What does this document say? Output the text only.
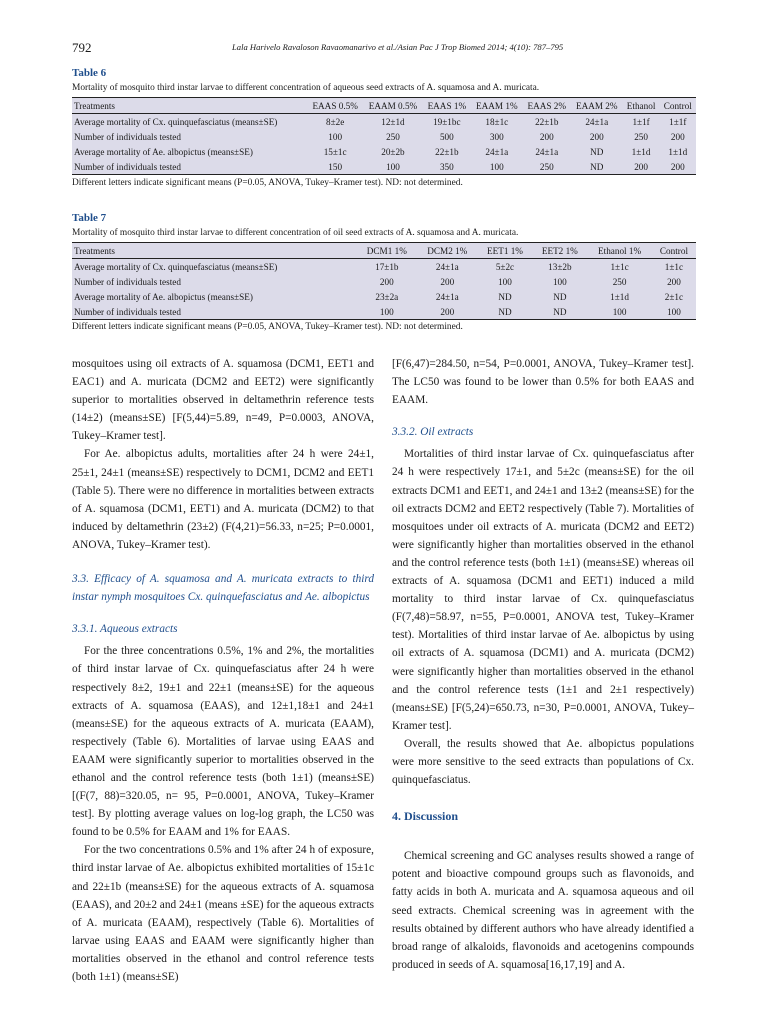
792	Lala Harivelo Ravaloson Ravaomanarivo et al./Asian Pac J Trop Biomed 2014; 4(10): 787–795
Table 6
Mortality of mosquito third instar larvae to different concentration of aqueous seed extracts of A. squamosa and A. muricata.
Treatments	EAAS 0.5%	EAAM 0.5%	EAAS 1%	EAAM 1%	EAAS 2%	EAAM 2%	Ethanol	Control
Average mortality of Cx. quinquefasciatus (means±SE)	8±2e	12±1d	19±1bc	18±1c	22±1b	24±1a	1±1f	1±1f
Number of individuals tested	100	250	500	300	200	200	250	200
Average mortality of Ae. albopictus (means±SE)	15±1c	20±2b	22±1b	24±1a	24±1a	ND	1±1d	1±1d
Number of individuals tested	150	100	350	100	250	ND	200	200
Different letters indicate significant means (P=0.05, ANOVA, Tukey–Kramer test). ND: not determined.
Table 7
Mortality of mosquito third instar larvae to different concentration of oil seed extracts of A. squamosa and A. muricata.
Treatments	DCM1 1%	DCM2 1%	EET1 1%	EET2 1%	Ethanol 1%	Control
Average mortality of Cx. quinquefasciatus (means±SE)	17±1b	24±1a	5±2c	13±2b	1±1c	1±1c
Number of individuals tested	200	200	100	100	250	200
Average mortality of Ae. albopictus (means±SE)	23±2a	24±1a	ND	ND	1±1d	2±1c
Number of individuals tested	100	200	ND	ND	100	100
Different letters indicate significant means (P=0.05, ANOVA, Tukey–Kramer test). ND: not determined.

mosquitoes using oil extracts of A. squamosa (DCM1, EET1 and EAC1) and A. muricata (DCM2 and EET2) were significantly superior to mortalities observed in deltamethrin reference tests (14±2) (means±SE) [F(5,44)=5.89, n=49, P=0.0003, ANOVA, Tukey–Kramer test].

For Ae. albopictus adults, mortalities after 24 h were 24±1, 25±1, 24±1 (means±SE) respectively to DCM1, DCM2 and EET1 (Table 5). There were no difference in mortalities between extracts of A. squamosa (DCM1, EET1) and A. muricata (DCM2) to that induced by deltamethrin (23±2) (F(4,21)=56.33, n=25; P=0.0001, ANOVA, Tukey–Kramer test).

3.3. Efficacy of A. squamosa and A. muricata extracts to third instar nymph mosquitoes Cx. quinquefasciatus and Ae. albopictus

3.3.1. Aqueous extracts

For the three concentrations 0.5%, 1% and 2%, the mortalities of third instar larvae of Cx. quinquefasciatus after 24 h were respectively 8±2, 19±1 and 22±1 (means±SE) for the aqueous extracts of A. squamosa (EAAS), and 12±1,18±1 and 24±1 (means±SE) for the aqueous extracts of A. muricata (EAAM), respectively (Table 6). Mortalities of larvae using EAAS and EAAM were significantly superior to mortalities observed in the ethanol and the control reference tests (both 1±1) (means±SE) [(F(7, 88)=320.05, n= 95, P=0.0001, ANOVA, Tukey–Kramer test]. By plotting average values on log-log graph, the LC50 was found to be 0.5% for EAAM and 1% for EAAS.

For the two concentrations 0.5% and 1% after 24 h of exposure, third instar larvae of Ae. albopictus exhibited mortalities of 15±1c and 22±1b (means±SE) for the aqueous extracts of A. squamosa (EAAS), and 20±2 and 24±1 (means ±SE) for the aqueous extracts of A. muricata (EAAM), respectively (Table 6). Mortalities of larvae using EAAS and EAAM were significantly higher than mortalities observed in the ethanol and control reference tests (both 1±1) (means±SE)

[F(6,47)=284.50, n=54, P=0.0001, ANOVA, Tukey–Kramer test]. The LC50 was found to be lower than 0.5% for both EAAS and EAAM.

3.3.2. Oil extracts

Mortalities of third instar larvae of Cx. quinquefasciatus after 24 h were respectively 17±1, and 5±2c (means±SE) for the oil extracts DCM1 and EET1, and 24±1 and 13±2 (means±SE) for the oil extracts DCM2 and EET2 respectively (Table 7). Mortalities of mosquitoes under oil extracts of A. muricata (DCM2 and EET2) were significantly higher than mortalities observed in the ethanol and the control reference tests (both 1±1) (means±SE) whereas oil extracts of A. squamosa (DCM1 and EET1) induced a mild mortality to third instar larvae of Cx. quinquefasciatus (F(7,48)=58.97, n=55, P=0.0001, ANOVA test, Tukey–Kramer test). Mortalities of third instar larvae of Ae. albopictus by using oil extracts of A. squamosa (DCM1) and A. muricata (DCM2) were significantly higher than mortalities observed in the ethanol and the control reference tests (1±1 and 2±1 respectively) (means±SE) [F(5,24)=650.73, n=30, P=0.0001, ANOVA, Tukey–Kramer test].

Overall, the results showed that Ae. albopictus populations were more sensitive to the seed extracts than populations of Cx. quinquefasciatus.

4. Discussion

Chemical screening and GC analyses results showed a range of potent and bioactive compound groups such as flavonoids, and fatty acids in both A. muricata and A. squamosa aqueous and oil seed extracts. Chemical screening was in agreement with the results obtained by different authors who have already identified a broad range of alkaloids, flavonoids and acetogenins compounds produced in seeds of A. squamosa[16,17,19] and A.
